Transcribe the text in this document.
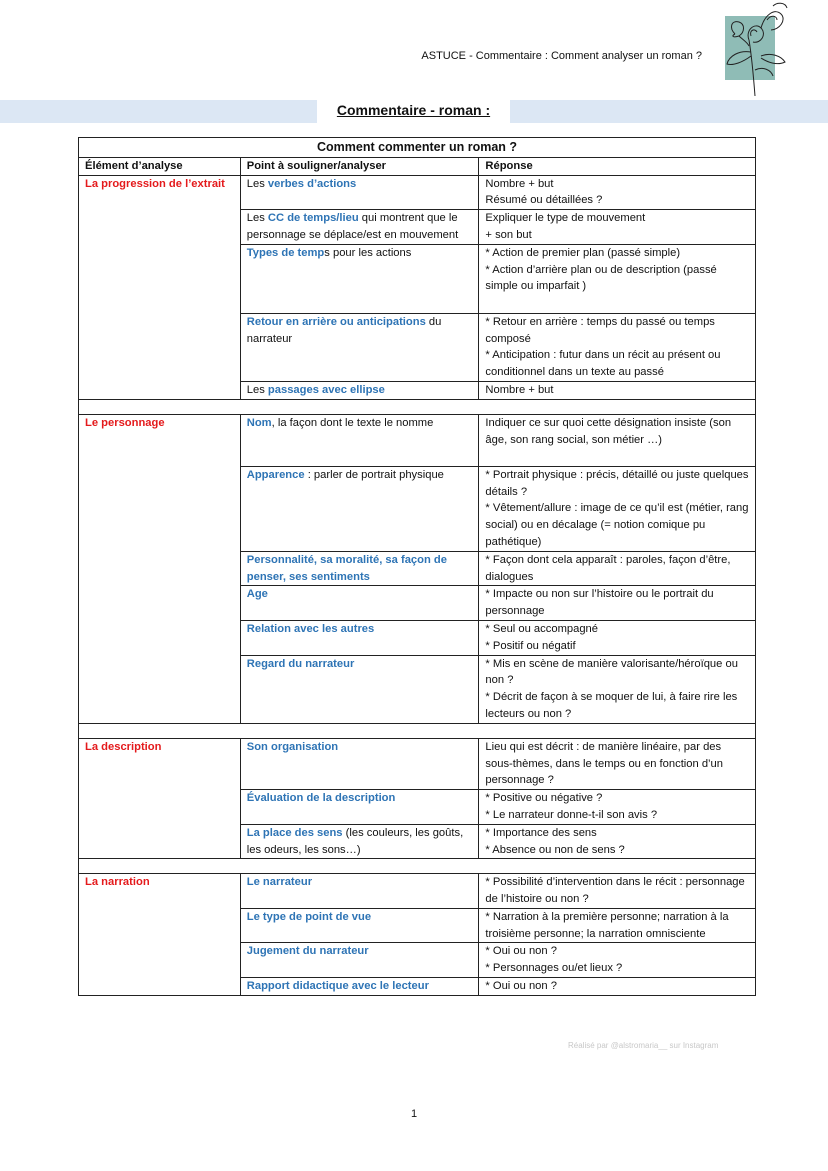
ASTUCE - Commentaire : Comment analyser un roman ?
Commentaire - roman :
Comment commenter un roman ?		
Élément d’analyse	Point à souligner/analyser	Réponse
La progression de l’extrait	Les verbes d’actions	Nombre + but
Résumé ou détaillées ?

	Les CC de temps/lieu qui montrent que le personnage se déplace/est en mouvement	Expliquer le type de mouvement
+ son but

	Types de temps pour les actions	* Action de premier plan (passé simple)
* Action d’arrière plan ou de description (passé simple ou imparfait )

	Retour en arrière ou anticipations du narrateur	* Retour en arrière : temps du passé ou temps composé
* Anticipation : futur dans un récit au présent ou conditionnel dans un texte au passé

	Les passages avec ellipse	Nombre + but

Le personnage	Nom, la façon dont le texte le nomme	Indiquer ce sur quoi cette désignation insiste (son âge, son rang social, son métier …)

	Apparence : parler de portrait physique	* Portrait physique : précis, détaillé ou juste quelques détails ?
* Vêtement/allure : image de ce qu’il est (métier, rang social) ou en décalage (= notion comique pu pathétique)

	Personnalité, sa moralité, sa façon de penser, ses sentiments	* Façon dont cela apparaît : paroles, façon d’être, dialogues

	Age	* Impacte ou non sur l’histoire ou le portrait du personnage

	Relation avec les autres	* Seul ou accompagné
* Positif ou négatif

	Regard du narrateur	* Mis en scène de manière valorisante/héroïque ou non ?
* Décrit de façon à se moquer de lui, à faire rire les lecteurs ou non ?

La description	Son organisation	Lieu qui est décrit : de manière linéaire, par des sous-thèmes, dans le temps ou en fonction d’un personnage ?

	Évaluation de la description	* Positive ou négative ?
* Le narrateur donne-t-il son avis ?

	La place des sens (les couleurs, les goûts, les odeurs, les sons…)	* Importance des sens
* Absence ou non de sens ?

La narration	Le narrateur	* Possibilité d’intervention dans le récit : personnage de l’histoire ou non ?

	Le type de point de vue	* Narration à la première personne; narration à la troisième personne; la narration omnisciente

	Jugement du narrateur	* Oui ou non ?
* Personnages ou/et lieux ?

	Rapport didactique avec le lecteur	* Oui ou non ?
Réalisé par @alstromaria__ sur Instagram
1
